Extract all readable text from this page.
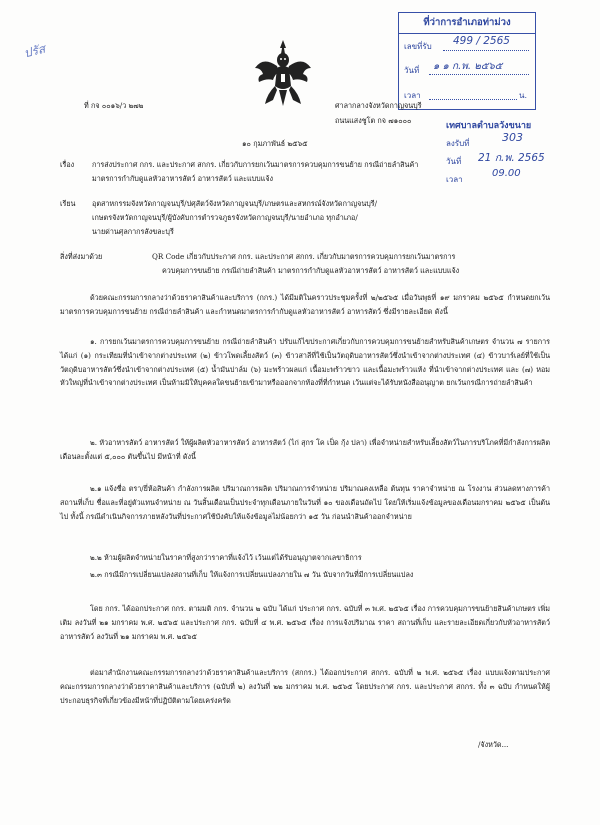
ปรัส
ที่ว่าการอำเภอท่าม่วง
เลขที่รับ 499 / 2565
วันที่ ๑ ๑ ก.พ. ๒๕๖๕
เวลา	น.
เทศบาลตำบลวังขนาย
ลงรับที่	303
วันที่ 21 ก.พ. 2565
เวลา
09.00
ที่ กจ ๐๐๑๖/ว ๒๗๒	ศาลากลางจังหวัดกาญจนบุรี
ถนนแสงชูโต กจ ๗๑๐๐๐
๑๐ กุมภาพันธ์ ๒๕๖๕
เรื่อง การส่งประกาศ กกร. และประกาศ สกกร. เกี่ยวกับการยกเว้นมาตรการควบคุมการขนย้าย กรณีถ่ายลำสินค้า
มาตรการกำกับดูแลหัวอาหารสัตว์ อาหารสัตว์ และแบบแจ้ง
เรียน อุตสาหกรรมจังหวัดกาญจนบุรี/ปศุสัตว์จังหวัดกาญจนบุรี/เกษตรและสหกรณ์จังหวัดกาญจนบุรี/
เกษตรจังหวัดกาญจนบุรี/ผู้บังคับการตำรวจภูธรจังหวัดกาญจนบุรี/นายอำเภอ ทุกอำเภอ/
นายด่านศุลกากรสังขละบุรี
สิ่งที่ส่งมาด้วย	QR Code เกี่ยวกับประกาศ กกร. และประกาศ สกกร. เกี่ยวกับมาตรการควบคุมการยกเว้นมาตรการ
ควบคุมการขนย้าย กรณีถ่ายลำสินค้า มาตรการกำกับดูแลหัวอาหารสัตว์ อาหารสัตว์ และแบบแจ้ง
ด้วยคณะกรรมการกลางว่าด้วยราคาสินค้าและบริการ (กกร.) ได้มีมติในคราวประชุมครั้งที่ ๒/๒๕๖๕ เมื่อวันพุธที่ ๑๙ มกราคม ๒๕๖๕ กำหนดยกเว้นมาตรการควบคุมการขนย้าย กรณีถ่ายลำสินค้า และกำหนดมาตรการกำกับดูแลหัวอาหารสัตว์ อาหารสัตว์ ซึ่งมีรายละเอียด ดังนี้
๑. การยกเว้นมาตรการควบคุมการขนย้าย กรณีถ่ายลำสินค้า ปรับแก้ไขประกาศเกี่ยวกับการควบคุมการขนย้ายสำหรับสินค้าเกษตร จำนวน ๗ รายการ ได้แก่ (๑) กระเทียมที่นำเข้าจากต่างประเทศ (๒) ข้าวโพดเลี้ยงสัตว์ (๓) ข้าวสาลีที่ใช้เป็นวัตถุดิบอาหารสัตว์ซึ่งนำเข้าจากต่างประเทศ (๔) ข้าวบาร์เลย์ที่ใช้เป็นวัตถุดิบอาหารสัตว์ซึ่งนำเข้าจากต่างประเทศ (๕) น้ำมันปาล์ม (๖) มะพร้าวผลแก่ เนื้อมะพร้าวขาว และเนื้อมะพร้าวแห้ง ที่นำเข้าจากต่างประเทศ และ (๗) หอมหัวใหญ่ที่นำเข้าจากต่างประเทศ เป็นห้ามมิให้บุคคลใดขนย้ายเข้ามาหรือออกจากท้องที่ที่กำหนด เว้นแต่จะได้รับหนังสืออนุญาต ยกเว้นกรณีการถ่ายลำสินค้า
๒. หัวอาหารสัตว์ อาหารสัตว์ ให้ผู้ผลิตหัวอาหารสัตว์ อาหารสัตว์ (ไก่ สุกร โค เป็ด กุ้ง ปลา) เพื่อจำหน่ายสำหรับเลี้ยงสัตว์ในการบริโภคที่มีกำลังการผลิตเดือนละตั้งแต่ ๕,๐๐๐ ตันขึ้นไป มีหน้าที่ ดังนี้
๒.๑ แจ้งชื่อ ตรา/ยี่ห้อสินค้า กำลังการผลิต ปริมาณการผลิต ปริมาณการจำหน่าย ปริมาณคงเหลือ ต้นทุน ราคาจำหน่าย ณ โรงงาน ส่วนลดทางการค้า สถานที่เก็บ ชื่อและที่อยู่ตัวแทนจำหน่าย ณ วันสิ้นเดือนเป็นประจำทุกเดือนภายในวันที่ ๑๐ ของเดือนถัดไป โดยให้เริ่มแจ้งข้อมูลของเดือนมกราคม ๒๕๖๕ เป็นต้นไป ทั้งนี้ กรณีดำเนินกิจการภายหลังวันที่ประกาศใช้บังคับให้แจ้งข้อมูลไม่น้อยกว่า ๑๕ วัน ก่อนนำสินค้าออกจำหน่าย
๒.๒ ห้ามผู้ผลิตจำหน่ายในราคาที่สูงกว่าราคาที่แจ้งไว้ เว้นแต่ได้รับอนุญาตจากเลขาธิการ
๒.๓ กรณีมีการเปลี่ยนแปลงสถานที่เก็บ ให้แจ้งการเปลี่ยนแปลงภายใน ๗ วัน นับจากวันที่มีการเปลี่ยนแปลง
โดย กกร. ได้ออกประกาศ กกร. ตามมติ กกร. จำนวน ๒ ฉบับ ได้แก่ ประกาศ กกร. ฉบับที่ ๓ พ.ศ. ๒๕๖๕ เรื่อง การควบคุมการขนย้ายสินค้าเกษตร เพิ่มเติม ลงวันที่ ๒๑ มกราคม พ.ศ. ๒๕๖๕ และประกาศ กกร. ฉบับที่ ๔ พ.ศ. ๒๕๖๕ เรื่อง การแจ้งปริมาณ ราคา สถานที่เก็บ และรายละเอียดเกี่ยวกับหัวอาหารสัตว์ อาหารสัตว์ ลงวันที่ ๒๑ มกราคม พ.ศ. ๒๕๖๕
ต่อมาสำนักงานคณะกรรมการกลางว่าด้วยราคาสินค้าและบริการ (สกกร.) ได้ออกประกาศ สกกร. ฉบับที่ ๒ พ.ศ. ๒๕๖๕ เรื่อง แบบแจ้งตามประกาศคณะกรรมการกลางว่าด้วยราคาสินค้าและบริการ (ฉบับที่ ๒) ลงวันที่ ๒๒ มกราคม พ.ศ. ๒๕๖๕ โดยประกาศ กกร. และประกาศ สกกร. ทั้ง ๓ ฉบับ กำหนดให้ผู้ประกอบธุรกิจที่เกี่ยวข้องมีหน้าที่ปฏิบัติตามโดยเคร่งครัด
/จังหวัด...
